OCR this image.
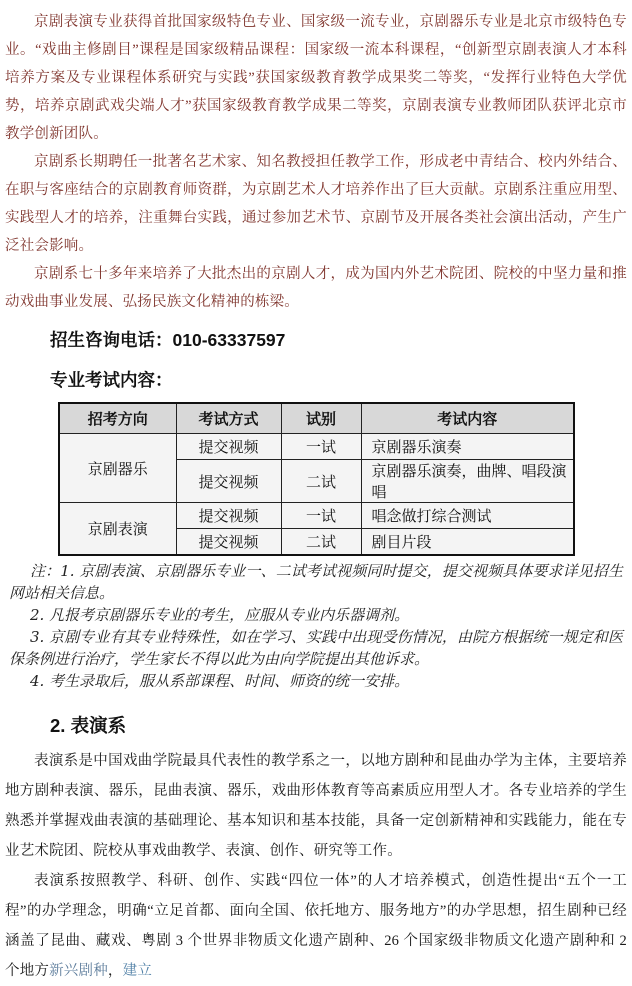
京剧表演专业获得首批国家级特色专业、国家级一流专业，京剧器乐专业是北京市级特色专业。“戏曲主修剧目”课程是国家级精品课程：国家级一流本科课程，“创新型京剧表演人才本科培养方案及专业课程体系研究与实践”获国家级教育教学成果奖二等奖，“发挥行业特色大学优势，培养京剧武戏尖端人才”获国家级教育教学成果二等奖，京剧表演专业教师团队获评北京市教学创新团队。

京剧系长期聘任一批著名艺术家、知名教授担任教学工作，形成老中青结合、校内外结合、在职与客座结合的京剧教育师资群，为京剧艺术人才培养作出了巨大贡献。京剧系注重应用型、实践型人才的培养，注重舞台实践，通过参加艺术节、京剧节及开展各类社会演出活动，产生广泛社会影响。

京剧系七十多年来培养了大批杰出的京剧人才，成为国内外艺术院团、院校的中坚力量和推动戏曲事业发展、弘扬民族文化精神的栋梁。

招生咨询电话：010-63337597
专业考试内容：
招考方向	考试方式	试别	考试内容
京剧器乐	提交视频	一试	京剧器乐演奏
	提交视频	二试	京剧器乐演奏，曲牌、唱段演唱
京剧表演	提交视频	一试	唱念做打综合测试
	提交视频	二试	剧目片段

注：1. 京剧表演、京剧器乐专业一、二试考试视频同时提交，提交视频具体要求详见招生网站相关信息。

2. 凡报考京剧器乐专业的考生，应服从专业内乐器调剂。

3. 京剧专业有其专业特殊性，如在学习、实践中出现受伤情况，由院方根据统一规定和医保条例进行治疗，学生家长不得以此为由向学院提出其他诉求。

4. 考生录取后，服从系部课程、时间、师资的统一安排。

2. 表演系

表演系是中国戏曲学院最具代表性的教学系之一，以地方剧种和昆曲办学为主体，主要培养地方剧种表演、器乐，昆曲表演、器乐，戏曲形体教育等高素质应用型人才。各专业培养的学生熟悉并掌握戏曲表演的基础理论、基本知识和基本技能，具备一定创新精神和实践能力，能在专业艺术院团、院校从事戏曲教学、表演、创作、研究等工作。

表演系按照教学、科研、创作、实践“四位一体”的人才培养模式，创造性提出“五个一工程”的办学理念，明确“立足首都、面向全国、依托地方、服务地方”的办学思想，招生剧种已经涵盖了昆曲、藏戏、粤剧 3 个世界非物质文化遗产剧种、26 个国家级非物质文化遗产剧种和 2 个地方新兴剧种，建立
